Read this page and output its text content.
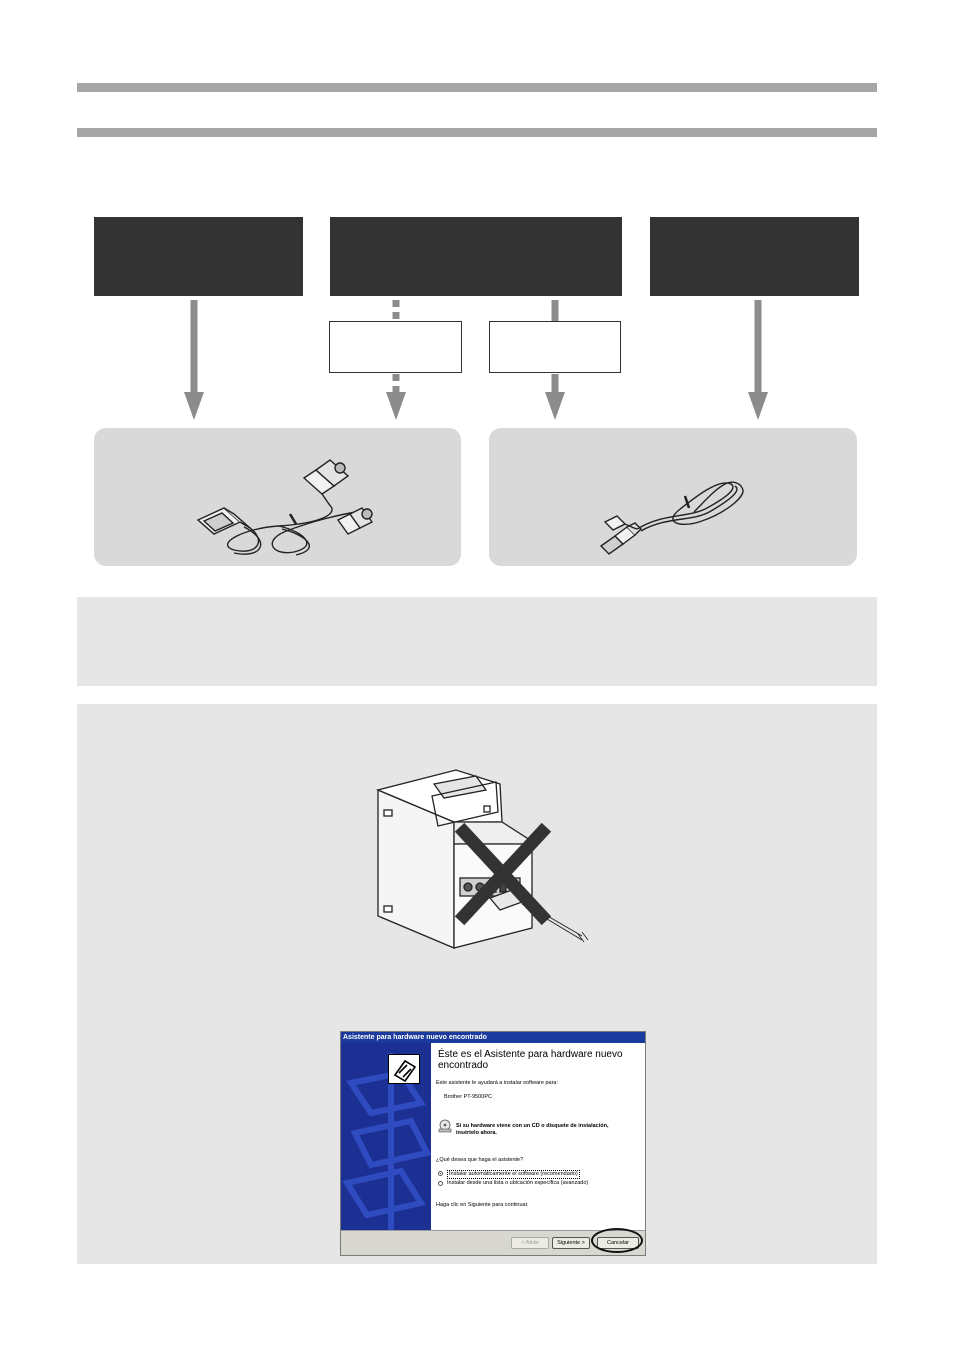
Asistente para hardware nuevo encontrado
Éste es el Asistente para hardware nuevo encontrado
Este asistente le ayudará a instalar software para:
Brother PT-9500PC
Si su hardware viene con un CD o disquete de instalación, insértelo ahora.
¿Qué desea que haga el asistente?
Instalar automáticamente el software (recomendado)
Instalar desde una lista o ubicación específica (avanzado)
Haga clic en Siguiente para continuar.
< Atrás	Siguiente >	Cancelar
